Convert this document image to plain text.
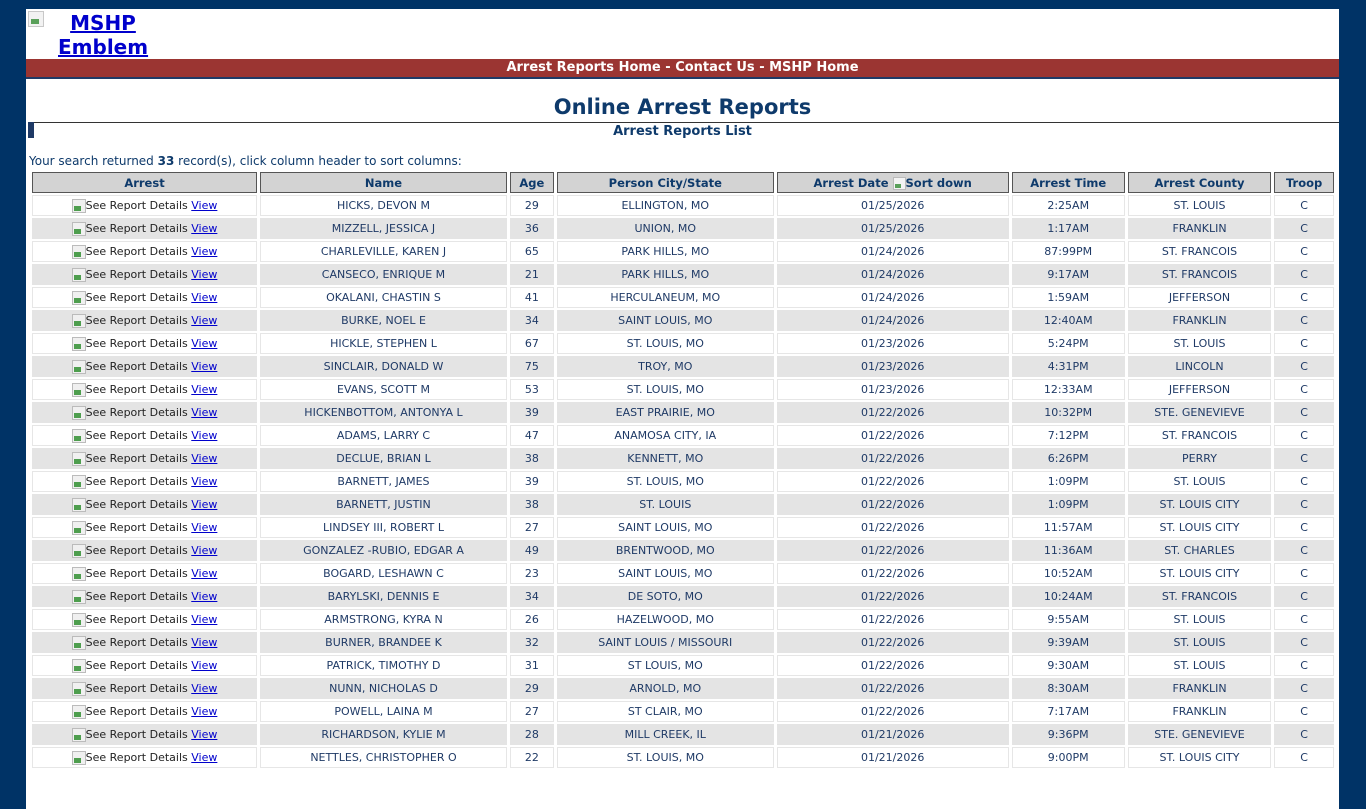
MSHP Emblem
Arrest Reports Home - Contact Us - MSHP Home
Online Arrest Reports
Arrest Reports List
Your search returned 33 record(s), click column header to sort columns:
Arrest	Name	Age	Person City/State	Arrest Date Sort down	Arrest Time	Arrest County	Troop
See Report Details View	HICKS, DEVON M	29	ELLINGTON, MO	01/25/2026	2:25AM	ST. LOUIS	C
See Report Details View	MIZZELL, JESSICA J	36	UNION, MO	01/25/2026	1:17AM	FRANKLIN	C
See Report Details View	CHARLEVILLE, KAREN J	65	PARK HILLS, MO	01/24/2026	87:99PM	ST. FRANCOIS	C
See Report Details View	CANSECO, ENRIQUE M	21	PARK HILLS, MO	01/24/2026	9:17AM	ST. FRANCOIS	C
See Report Details View	OKALANI, CHASTIN S	41	HERCULANEUM, MO	01/24/2026	1:59AM	JEFFERSON	C
See Report Details View	BURKE, NOEL E	34	SAINT LOUIS, MO	01/24/2026	12:40AM	FRANKLIN	C
See Report Details View	HICKLE, STEPHEN L	67	ST. LOUIS, MO	01/23/2026	5:24PM	ST. LOUIS	C
See Report Details View	SINCLAIR, DONALD W	75	TROY, MO	01/23/2026	4:31PM	LINCOLN	C
See Report Details View	EVANS, SCOTT M	53	ST. LOUIS, MO	01/23/2026	12:33AM	JEFFERSON	C
See Report Details View	HICKENBOTTOM, ANTONYA L	39	EAST PRAIRIE, MO	01/22/2026	10:32PM	STE. GENEVIEVE	C
See Report Details View	ADAMS, LARRY C	47	ANAMOSA CITY, IA	01/22/2026	7:12PM	ST. FRANCOIS	C
See Report Details View	DECLUE, BRIAN L	38	KENNETT, MO	01/22/2026	6:26PM	PERRY	C
See Report Details View	BARNETT, JAMES	39	ST. LOUIS, MO	01/22/2026	1:09PM	ST. LOUIS	C
See Report Details View	BARNETT, JUSTIN	38	ST. LOUIS	01/22/2026	1:09PM	ST. LOUIS CITY	C
See Report Details View	LINDSEY III, ROBERT L	27	SAINT LOUIS, MO	01/22/2026	11:57AM	ST. LOUIS CITY	C
See Report Details View	GONZALEZ -RUBIO, EDGAR A	49	BRENTWOOD, MO	01/22/2026	11:36AM	ST. CHARLES	C
See Report Details View	BOGARD, LESHAWN C	23	SAINT LOUIS, MO	01/22/2026	10:52AM	ST. LOUIS CITY	C
See Report Details View	BARYLSKI, DENNIS E	34	DE SOTO, MO	01/22/2026	10:24AM	ST. FRANCOIS	C
See Report Details View	ARMSTRONG, KYRA N	26	HAZELWOOD, MO	01/22/2026	9:55AM	ST. LOUIS	C
See Report Details View	BURNER, BRANDEE K	32	SAINT LOUIS / MISSOURI	01/22/2026	9:39AM	ST. LOUIS	C
See Report Details View	PATRICK, TIMOTHY D	31	ST LOUIS, MO	01/22/2026	9:30AM	ST. LOUIS	C
See Report Details View	NUNN, NICHOLAS D	29	ARNOLD, MO	01/22/2026	8:30AM	FRANKLIN	C
See Report Details View	POWELL, LAINA M	27	ST CLAIR, MO	01/22/2026	7:17AM	FRANKLIN	C
See Report Details View	RICHARDSON, KYLIE M	28	MILL CREEK, IL	01/21/2026	9:36PM	STE. GENEVIEVE	C
See Report Details View	NETTLES, CHRISTOPHER O	22	ST. LOUIS, MO	01/21/2026	9:00PM	ST. LOUIS CITY	C
